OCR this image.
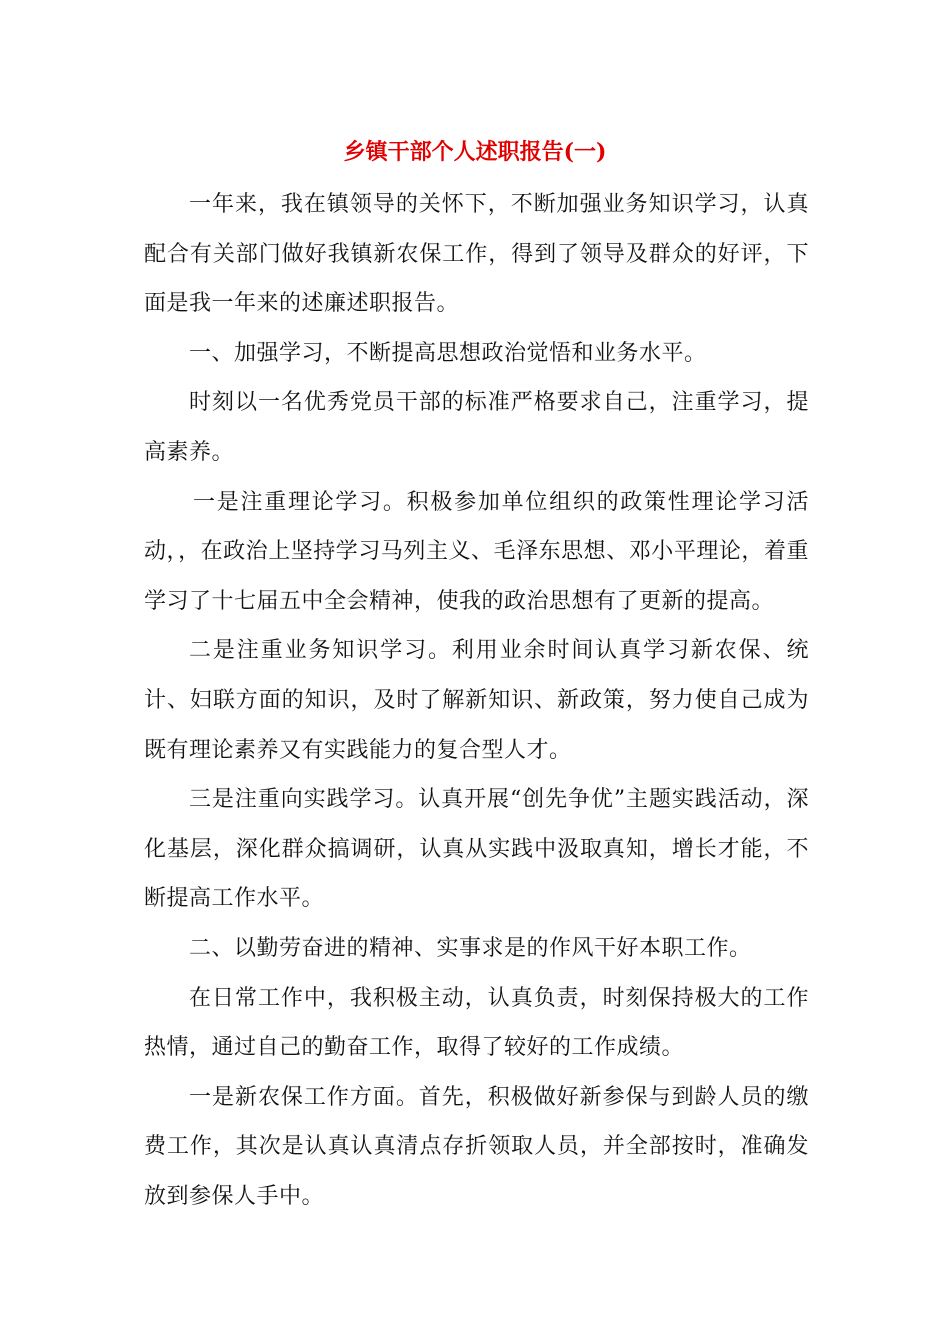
乡镇干部个人述职报告(一)

一年来，我在镇领导的关怀下，不断加强业务知识学习，认真配合有关部门做好我镇新农保工作，得到了领导及群众的好评，下面是我一年来的述廉述职报告。

一、加强学习，不断提高思想政治觉悟和业务水平。

时刻以一名优秀党员干部的标准严格要求自己，注重学习，提高素养。

一是注重理论学习。积极参加单位组织的政策性理论学习活动，，在政治上坚持学习马列主义、毛泽东思想、邓小平理论，着重学习了十七届五中全会精神，使我的政治思想有了更新的提高。

二是注重业务知识学习。利用业余时间认真学习新农保、统计、妇联方面的知识，及时了解新知识、新政策，努力使自己成为既有理论素养又有实践能力的复合型人才。

三是注重向实践学习。认真开展“创先争优”主题实践活动，深化基层，深化群众搞调研，认真从实践中汲取真知，增长才能，不断提高工作水平。

二、以勤劳奋进的精神、实事求是的作风干好本职工作。

在日常工作中，我积极主动，认真负责，时刻保持极大的工作热情，通过自己的勤奋工作，取得了较好的工作成绩。

一是新农保工作方面。首先，积极做好新参保与到龄人员的缴费工作，其次是认真认真清点存折领取人员，并全部按时，准确发放到参保人手中。
